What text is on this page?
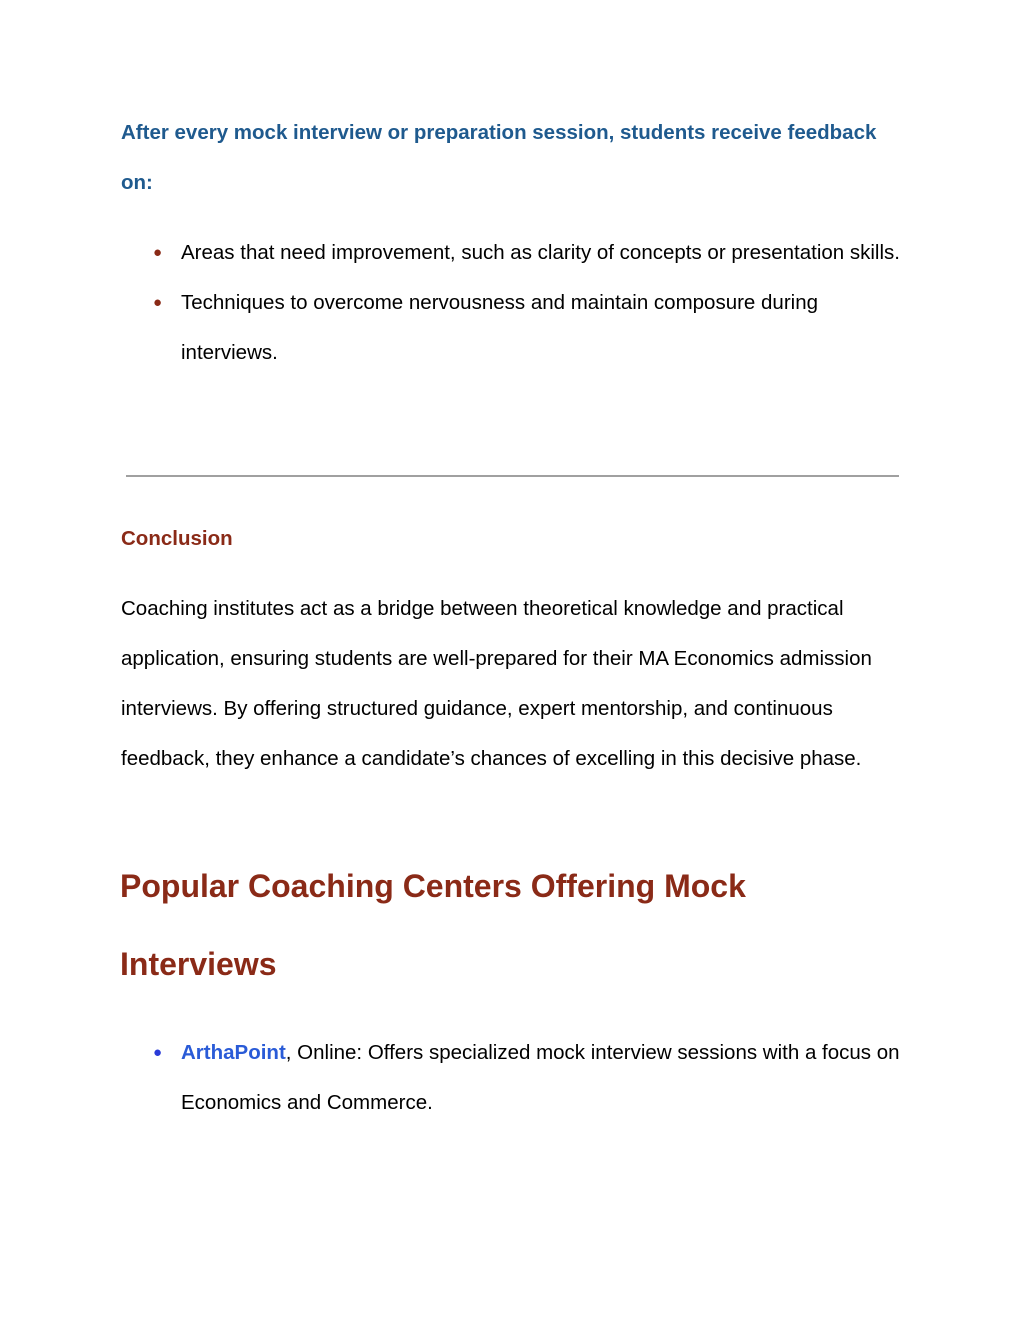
After every mock interview or preparation session, students receive feedback on:
● Areas that need improvement, such as clarity of concepts or presentation skills.
● Techniques to overcome nervousness and maintain composure during interviews.
Conclusion

Coaching institutes act as a bridge between theoretical knowledge and practical application, ensuring students are well-prepared for their MA Economics admission interviews. By offering structured guidance, expert mentorship, and continuous feedback, they enhance a candidate’s chances of excelling in this decisive phase.

Popular Coaching Centers Offering Mock Interviews
● ArthaPoint, Online: Offers specialized mock interview sessions with a focus on Economics and Commerce.
